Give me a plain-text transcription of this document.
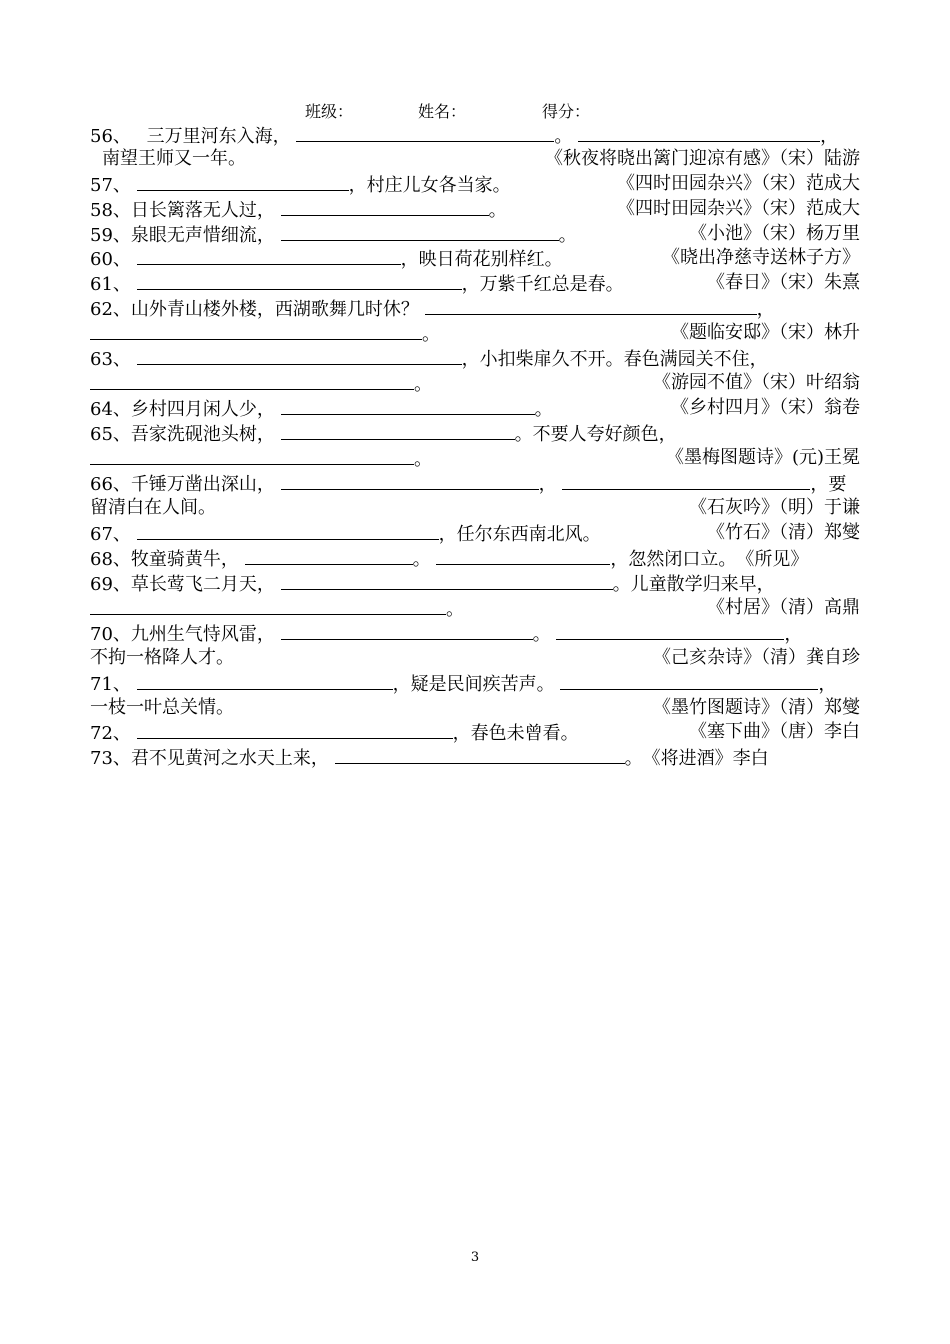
班级：	姓名：	得分：
56、 三万里河东入海，	。	，
南望王师又一年。	《秋夜将晓出篱门迎凉有感》（宋）陆游
57、	，村庄儿女各当家。	《四时田园杂兴》（宋）范成大
58、日长篱落无人过，	。	《四时田园杂兴》（宋）范成大
59、泉眼无声惜细流，	。	《小池》（宋）杨万里
60、	，映日荷花别样红。	《晓出净慈寺送林子方》
61、	，万紫千红总是春。	《春日》（宋）朱熹
62、山外青山楼外楼，西湖歌舞几时休？	，
。	《题临安邸》（宋）林升
63、	，小扣柴扉久不开。春色满园关不住，
。	《游园不值》（宋）叶绍翁
64、乡村四月闲人少，	。	《乡村四月》（宋）翁卷
65、吾家洗砚池头树，	。不要人夸好颜色，
。	《墨梅图题诗》(元)王冕
66、千锤万凿出深山，	，	，要
留清白在人间。	《石灰吟》（明）于谦
67、	，任尔东西南北风。	《竹石》（清）郑燮
68、牧童骑黄牛，	。	，忽然闭口立。《所见》
69、草长莺飞二月天，	。儿童散学归来早，
。	《村居》（清）高鼎
70、九州生气恃风雷，	。	，
不拘一格降人才。	《己亥杂诗》（清）龚自珍
71、	，疑是民间疾苦声。	，
一枝一叶总关情。	《墨竹图题诗》（清）郑燮
72、	，春色未曾看。	《塞下曲》（唐）李白
73、君不见黄河之水天上来，	。《将进酒》李白
3
